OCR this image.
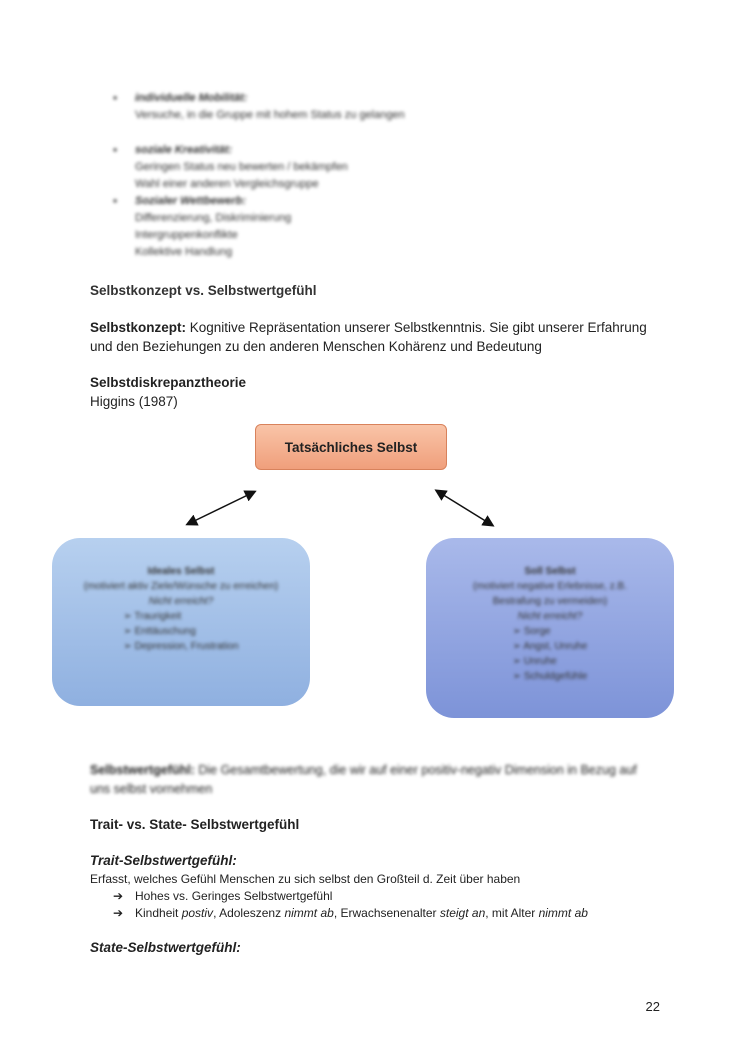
• individuelle Mobilität:
Versuche, in die Gruppe mit hohem Status zu gelangen
• soziale Kreativität:
Geringen Status neu bewerten / bekämpfen
Wahl einer anderen Vergleichsgruppe
• Sozialer Wettbewerb:
Differenzierung, Diskriminierung
Intergruppenkonflikte
Kollektive Handlung
Selbstkonzept vs. Selbstwertgefühl
Selbstkonzept: Kognitive Repräsentation unserer Selbstkenntnis. Sie gibt unserer Erfahrung und den Beziehungen zu den anderen Menschen Kohärenz und Bedeutung
Selbstdiskrepanztheorie
Higgins (1987)
Tatsächliches Selbst
Ideales Selbst
(motiviert aktiv Ziele/Wünsche zu erreichen)
Nicht erreicht?
➢ Traurigkeit
➢ Enttäuschung
➢ Depression, Frustration
Soll Selbst
(motiviert negative Erlebnisse, z.B. Bestrafung zu vermeiden)
Nicht erreicht?
➢ Sorge
➢ Angst, Unruhe
➢ Unruhe
➢ Schuldgefühle
Selbstwertgefühl: Die Gesamtbewertung, die wir auf einer positiv-negativ Dimension in Bezug auf uns selbst vornehmen
Trait- vs. State- Selbstwertgefühl
Trait-Selbstwertgefühl:
Erfasst, welches Gefühl Menschen zu sich selbst den Großteil d. Zeit über haben
➔ Hohes vs. Geringes Selbstwertgefühl
➔ Kindheit postiv, Adoleszenz nimmt ab, Erwachsenenalter steigt an, mit Alter nimmt ab
State-Selbstwertgefühl:
22
